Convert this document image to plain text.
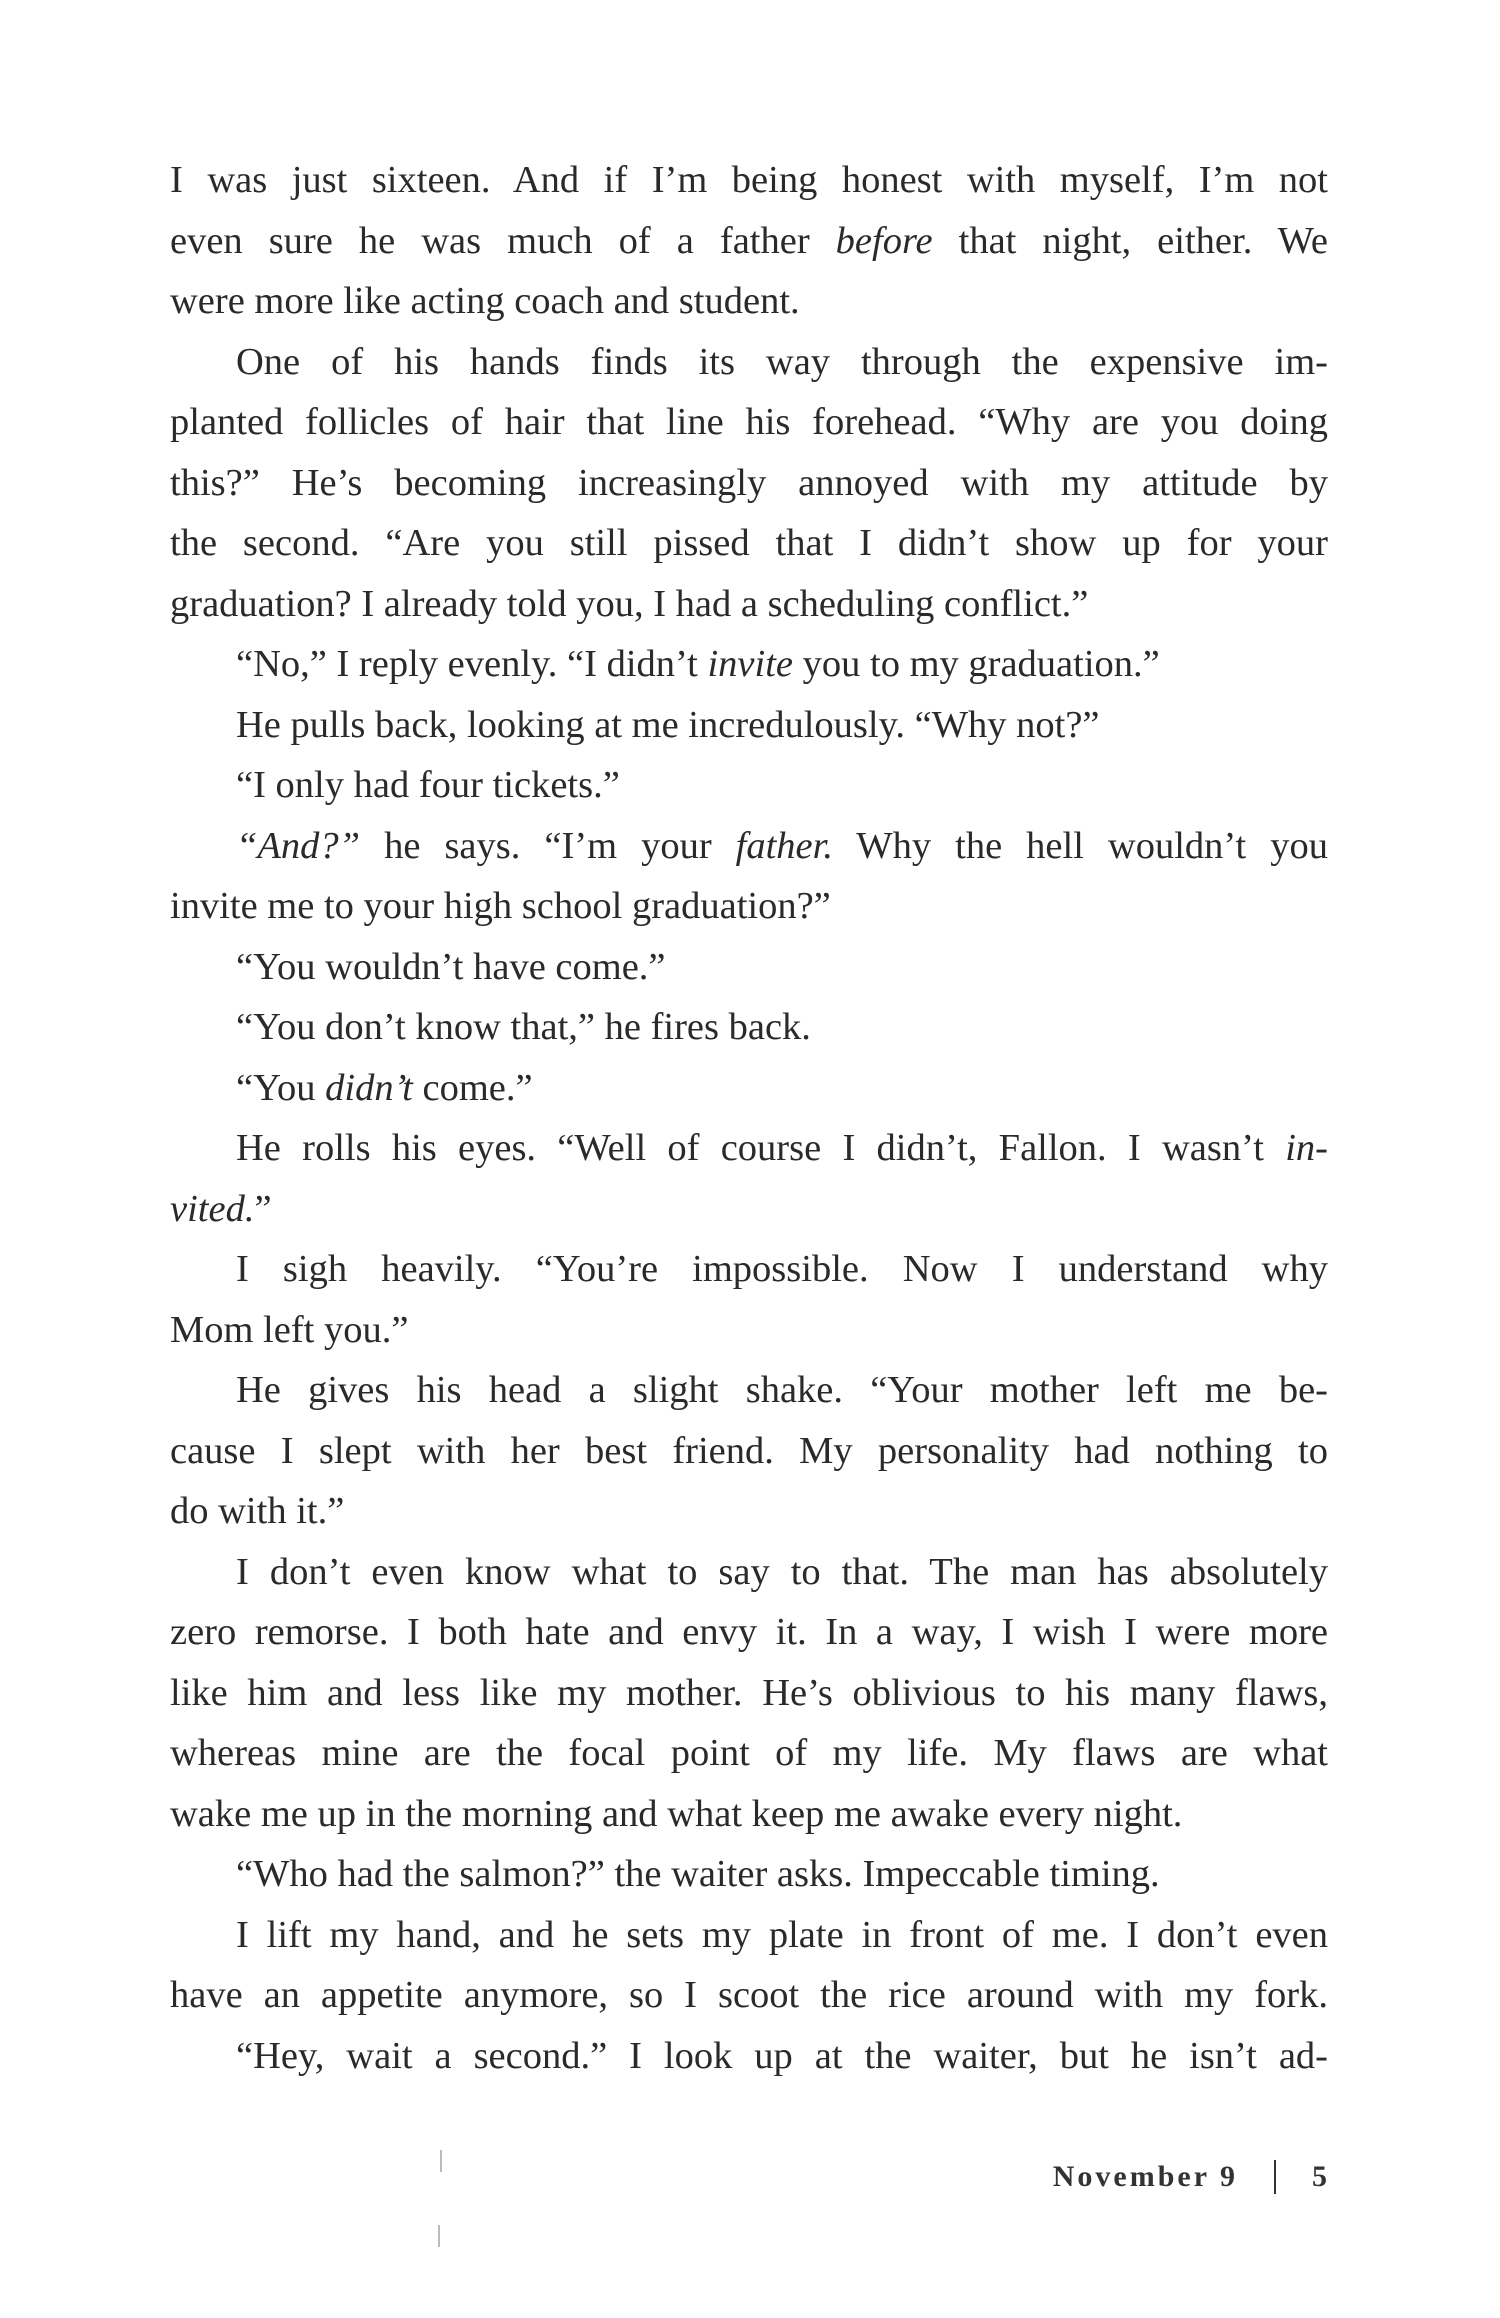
I was just sixteen. And if I’m being honest with myself, I’m not
even sure he was much of a father before that night, either. We
were more like acting coach and student.
One of his hands finds its way through the expensive im-
planted follicles of hair that line his forehead. “Why are you doing
this?” He’s becoming increasingly annoyed with my attitude by
the second. “Are you still pissed that I didn’t show up for your
graduation? I already told you, I had a scheduling conflict.”
“No,” I reply evenly. “I didn’t invite you to my graduation.”
He pulls back, looking at me incredulously. “Why not?”
“I only had four tickets.”
“And?” he says. “I’m your father. Why the hell wouldn’t you
invite me to your high school graduation?”
“You wouldn’t have come.”
“You don’t know that,” he fires back.
“You didn’t come.”
He rolls his eyes. “Well of course I didn’t, Fallon. I wasn’t in-
vited.”
I sigh heavily. “You’re impossible. Now I understand why
Mom left you.”
He gives his head a slight shake. “Your mother left me be-
cause I slept with her best friend. My personality had nothing to
do with it.”
I don’t even know what to say to that. The man has absolutely
zero remorse. I both hate and envy it. In a way, I wish I were more
like him and less like my mother. He’s oblivious to his many flaws,
whereas mine are the focal point of my life. My flaws are what
wake me up in the morning and what keep me awake every night.
“Who had the salmon?” the waiter asks. Impeccable timing.
I lift my hand, and he sets my plate in front of me. I don’t even
have an appetite anymore, so I scoot the rice around with my fork.
“Hey, wait a second.” I look up at the waiter, but he isn’t ad-
November 9 5
